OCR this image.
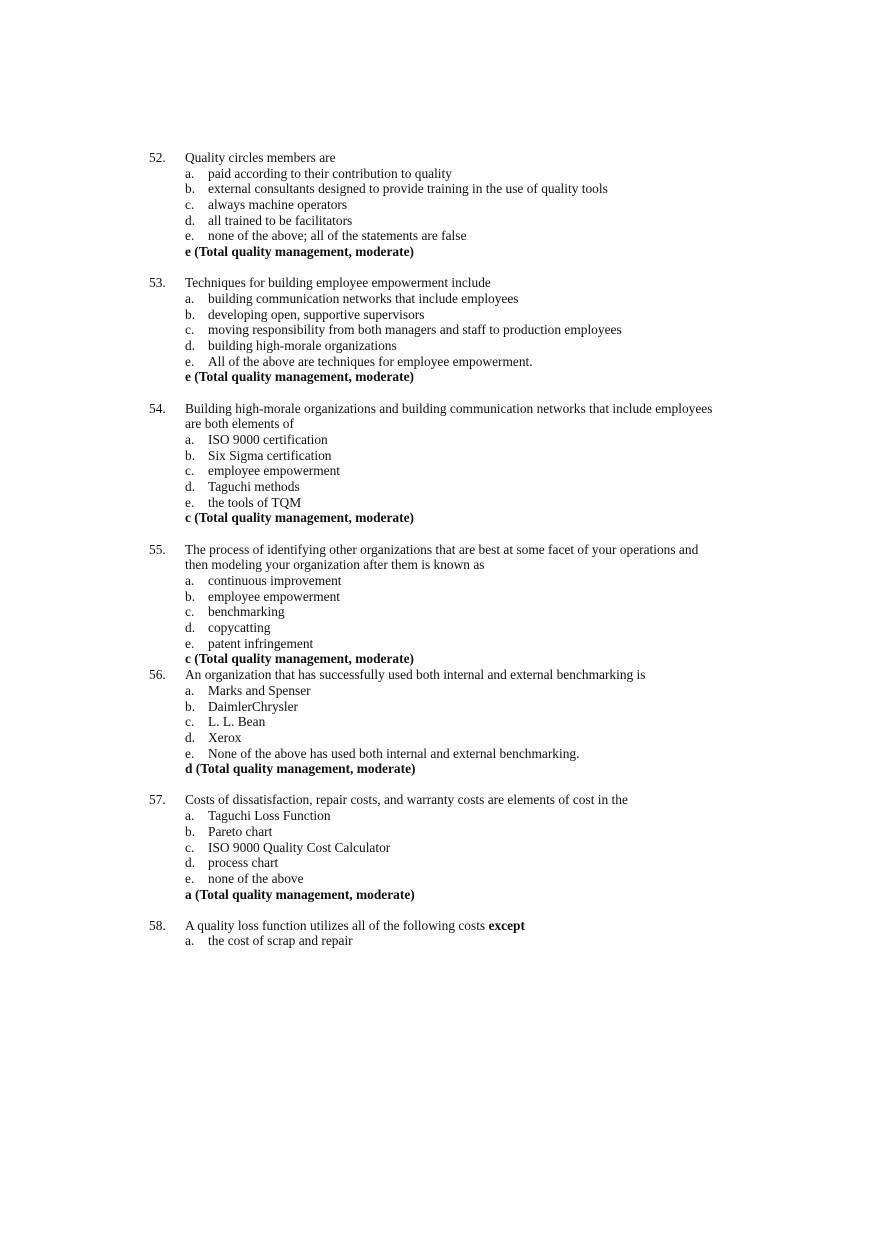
52. Quality circles members are
a. paid according to their contribution to quality
b. external consultants designed to provide training in the use of quality tools
c. always machine operators
d. all trained to be facilitators
e. none of the above; all of the statements are false
e (Total quality management, moderate)
53. Techniques for building employee empowerment include
a. building communication networks that include employees
b. developing open, supportive supervisors
c. moving responsibility from both managers and staff to production employees
d. building high-morale organizations
e. All of the above are techniques for employee empowerment.
e (Total quality management, moderate)
54. Building high-morale organizations and building communication networks that include employees
are both elements of
a. ISO 9000 certification
b. Six Sigma certification
c. employee empowerment
d. Taguchi methods
e. the tools of TQM
c (Total quality management, moderate)
55. The process of identifying other organizations that are best at some facet of your operations and
then modeling your organization after them is known as
a. continuous improvement
b. employee empowerment
c. benchmarking
d. copycatting
e. patent infringement
c (Total quality management, moderate)
56. An organization that has successfully used both internal and external benchmarking is
a. Marks and Spenser
b. DaimlerChrysler
c. L. L. Bean
d. Xerox
e. None of the above has used both internal and external benchmarking.
d (Total quality management, moderate)
57. Costs of dissatisfaction, repair costs, and warranty costs are elements of cost in the
a. Taguchi Loss Function
b. Pareto chart
c. ISO 9000 Quality Cost Calculator
d. process chart
e. none of the above
a (Total quality management, moderate)
58. A quality loss function utilizes all of the following costs except
a. the cost of scrap and repair
